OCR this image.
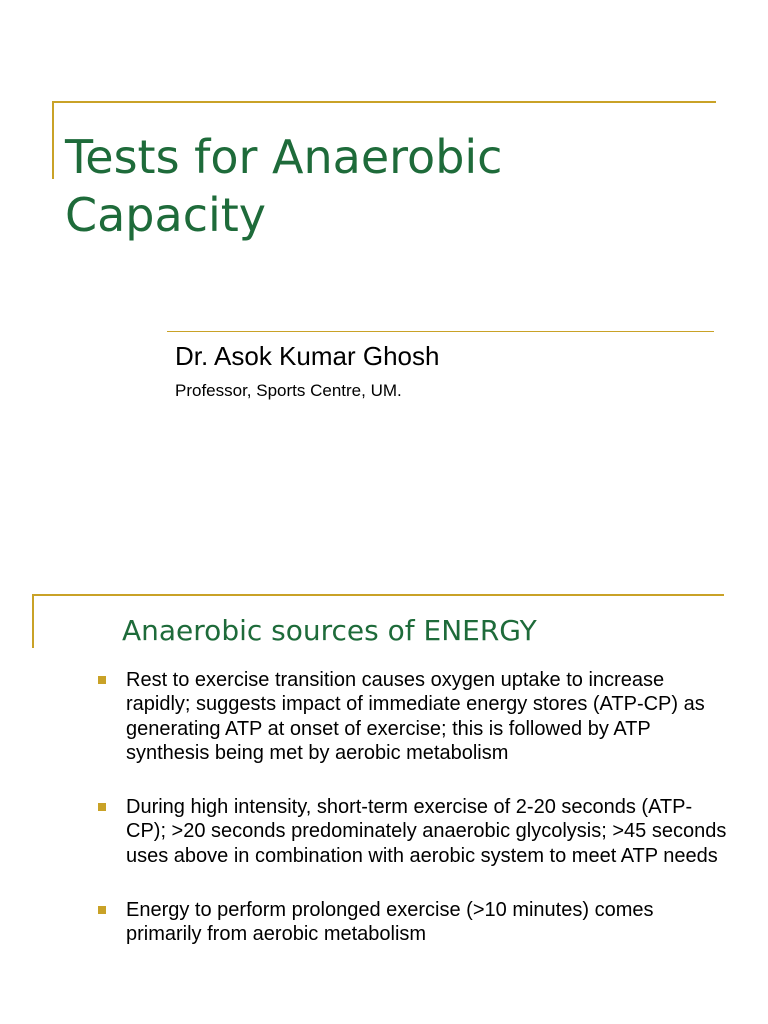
Tests for Anaerobic
Capacity

Dr. Asok Kumar Ghosh

Professor, Sports Centre, UM.

Anaerobic sources of ENERGY
Rest to exercise transition causes oxygen uptake to increase rapidly; suggests impact of immediate energy stores (ATP-CP) as generating ATP at onset of exercise; this is followed by ATP synthesis being met by aerobic metabolism
During high intensity, short-term exercise of 2-20 seconds (ATP-CP); >20 seconds predominately anaerobic glycolysis; >45 seconds uses above in combination with aerobic system to meet ATP needs
Energy to perform prolonged exercise (>10 minutes) comes primarily from aerobic metabolism
